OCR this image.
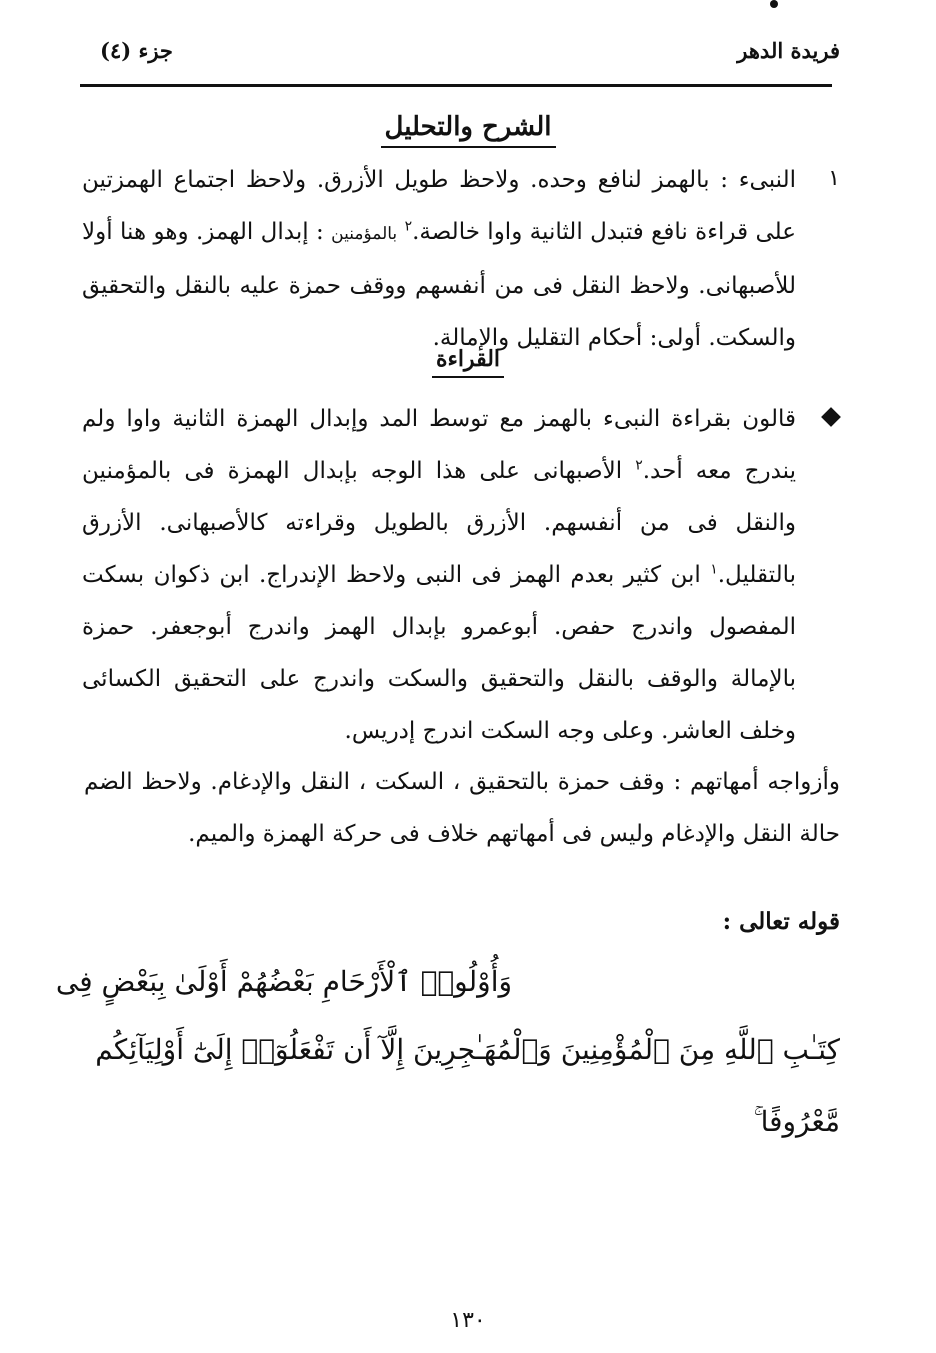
فريدة الدهر
جزء (٤)
الشرح والتحليل
١
النبىء : بالهمز لنافع وحده. ولاحظ طويل الأزرق. ولاحظ اجتماع الهمزتين على قراءة نافع فتبدل الثانية واوا خالصة.$^٢$ بالمؤمنين : إبدال الهمز. وهو هنا أولا للأصبهانى. ولاحظ النقل فى من أنفسهم ووقف حمزة عليه بالنقل والتحقيق والسكت. أولى: أحكام التقليل والإمالة.
القراءة
قالون بقراءة النبىء بالهمز مع توسط المد وإبدال الهمزة الثانية واوا ولم يندرج معه أحد.$^٢$ الأصبهانى على هذا الوجه بإبدال الهمزة فى بالمؤمنين والنقل فى من أنفسهم. الأزرق بالطويل وقراءته كالأصبهانى. الأزرق بالتقليل.$^١$ ابن كثير بعدم الهمز فى النبى ولاحظ الإندراج. ابن ذكوان بسكت المفصول واندرج حفص. أبوعمرو بإبدال الهمز واندرج أبوجعفر. حمزة بالإمالة والوقف بالنقل والتحقيق والسكت واندرج على التحقيق الكسائى وخلف العاشر. وعلى وجه السكت اندرج إدريس.
وأزواجه أمهاتهم : وقف حمزة بالتحقيق ، السكت ، النقل والإدغام. ولاحظ الضم حالة النقل والإدغام وليس فى أمهاتهم خلاف فى حركة الهمزة والميم.
قوله تعالى :
وَأُوْلُوا۟ ٱلْأَرْحَامِ بَعْضُهُمْ أَوْلَىٰ بِبَعْضٍ فِى
كِتَـٰبِ ٱللَّهِ مِنَ ٱلْمُؤْمِنِينَ وَٱلْمُهَـٰجِرِينَ إِلَّآ أَن تَفْعَلُوٓا۟ إِلَىٰٓ أَوْلِيَآئِكُم
مَّعْرُوفًا ۚ
١٣٠
